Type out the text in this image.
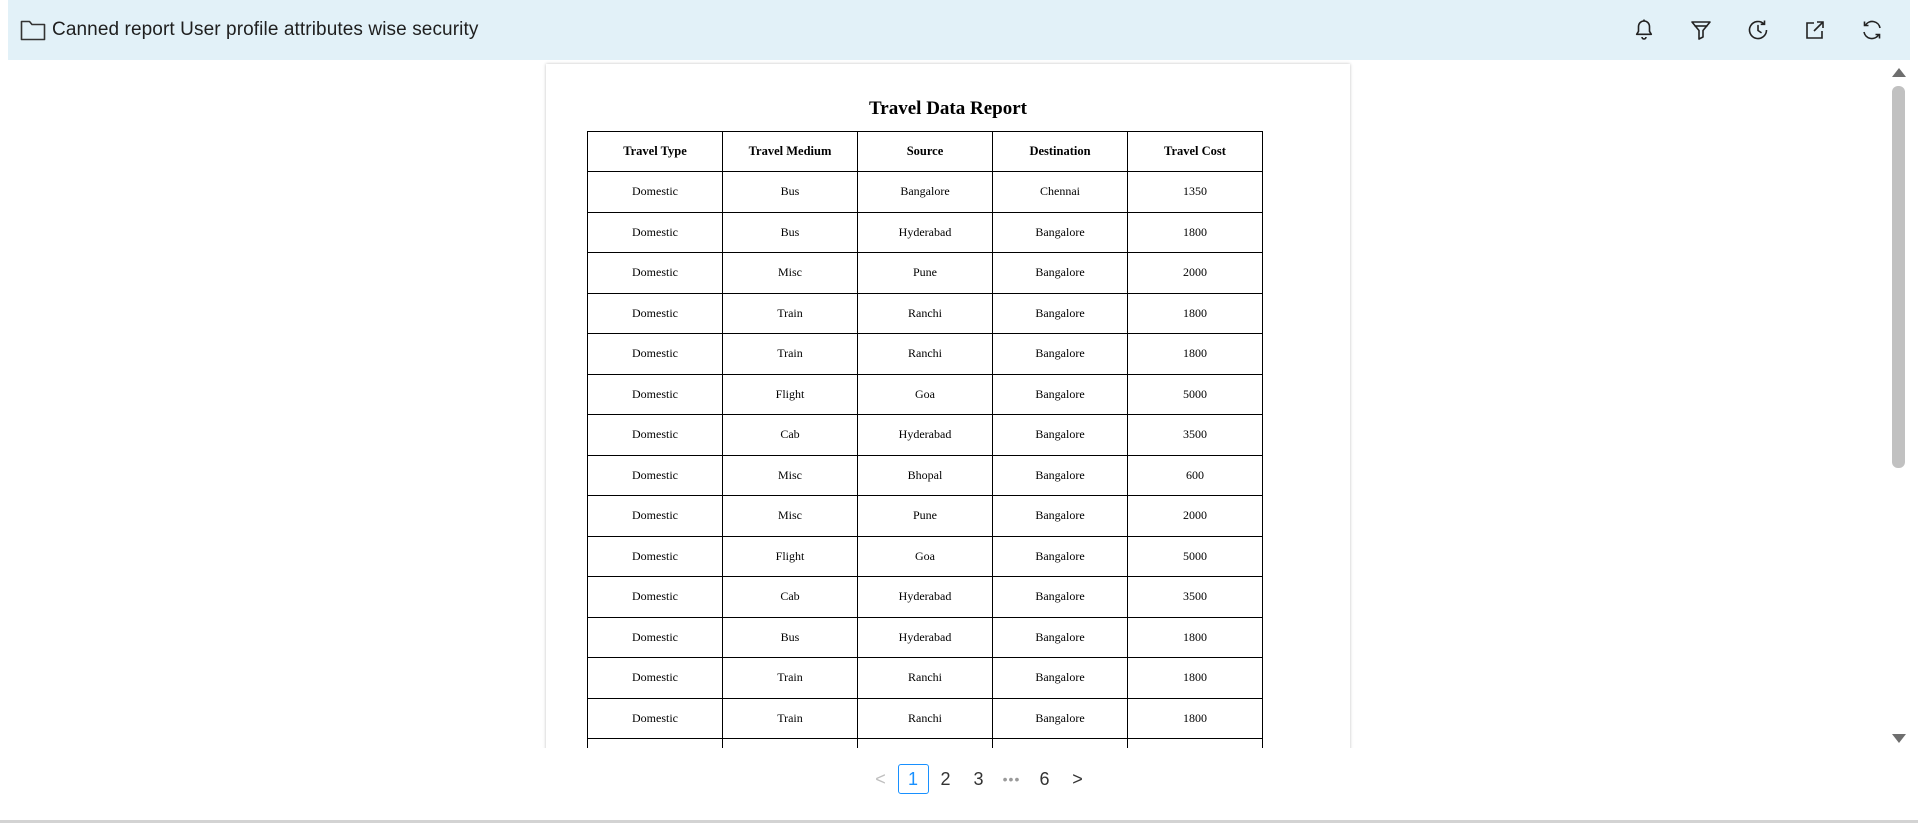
Canned report User profile attributes wise security
Travel Data Report
Travel Type	Travel Medium	Source	Destination	Travel Cost
Domestic	Bus	Bangalore	Chennai	1350
Domestic	Bus	Hyderabad	Bangalore	1800
Domestic	Misc	Pune	Bangalore	2000
Domestic	Train	Ranchi	Bangalore	1800
Domestic	Train	Ranchi	Bangalore	1800
Domestic	Flight	Goa	Bangalore	5000
Domestic	Cab	Hyderabad	Bangalore	3500
Domestic	Misc	Bhopal	Bangalore	600
Domestic	Misc	Pune	Bangalore	2000
Domestic	Flight	Goa	Bangalore	5000
Domestic	Cab	Hyderabad	Bangalore	3500
Domestic	Bus	Hyderabad	Bangalore	1800
Domestic	Train	Ranchi	Bangalore	1800
Domestic	Train	Ranchi	Bangalore	1800

<	1	2	3	•••	6	>
